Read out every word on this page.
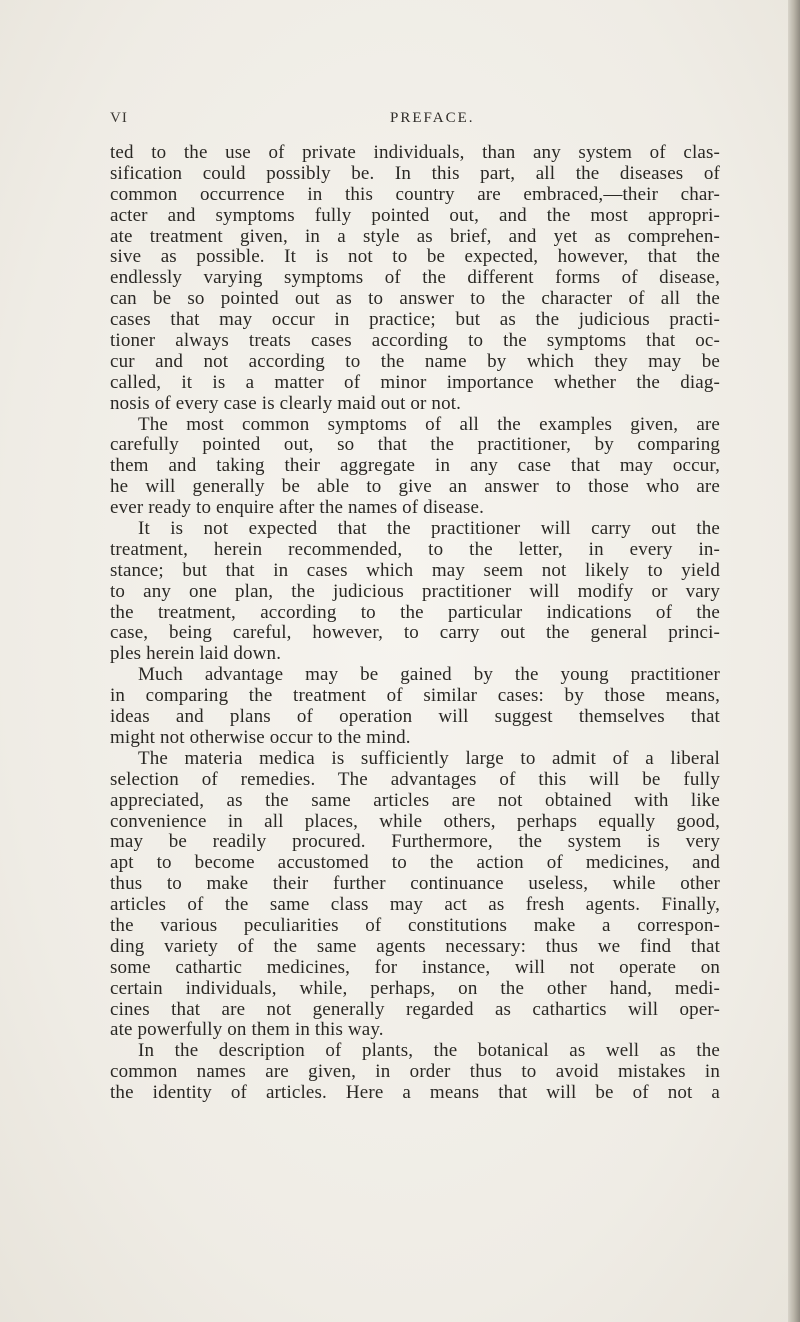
VI	PREFACE.
ted to the use of private individuals, than any system of clas-
sification could possibly be. In this part, all the diseases of
common occurrence in this country are embraced,—their char-
acter and symptoms fully pointed out, and the most appropri-
ate treatment given, in a style as brief, and yet as comprehen-
sive as possible. It is not to be expected, however, that the
endlessly varying symptoms of the different forms of disease,
can be so pointed out as to answer to the character of all the
cases that may occur in practice; but as the judicious practi-
tioner always treats cases according to the symptoms that oc-
cur and not according to the name by which they may be
called, it is a matter of minor importance whether the diag-
nosis of every case is clearly maid out or not.
The most common symptoms of all the examples given, are
carefully pointed out, so that the practitioner, by comparing
them and taking their aggregate in any case that may occur,
he will generally be able to give an answer to those who are
ever ready to enquire after the names of disease.
It is not expected that the practitioner will carry out the
treatment, herein recommended, to the letter, in every in-
stance; but that in cases which may seem not likely to yield
to any one plan, the judicious practitioner will modify or vary
the treatment, according to the particular indications of the
case, being careful, however, to carry out the general princi-
ples herein laid down.
Much advantage may be gained by the young practitioner
in comparing the treatment of similar cases: by those means,
ideas and plans of operation will suggest themselves that
might not otherwise occur to the mind.
The materia medica is sufficiently large to admit of a liberal
selection of remedies. The advantages of this will be fully
appreciated, as the same articles are not obtained with like
convenience in all places, while others, perhaps equally good,
may be readily procured. Furthermore, the system is very
apt to become accustomed to the action of medicines, and
thus to make their further continuance useless, while other
articles of the same class may act as fresh agents. Finally,
the various peculiarities of constitutions make a correspon-
ding variety of the same agents necessary: thus we find that
some cathartic medicines, for instance, will not operate on
certain individuals, while, perhaps, on the other hand, medi-
cines that are not generally regarded as cathartics will oper-
ate powerfully on them in this way.
In the description of plants, the botanical as well as the
common names are given, in order thus to avoid mistakes in
the identity of articles. Here a means that will be of not a
